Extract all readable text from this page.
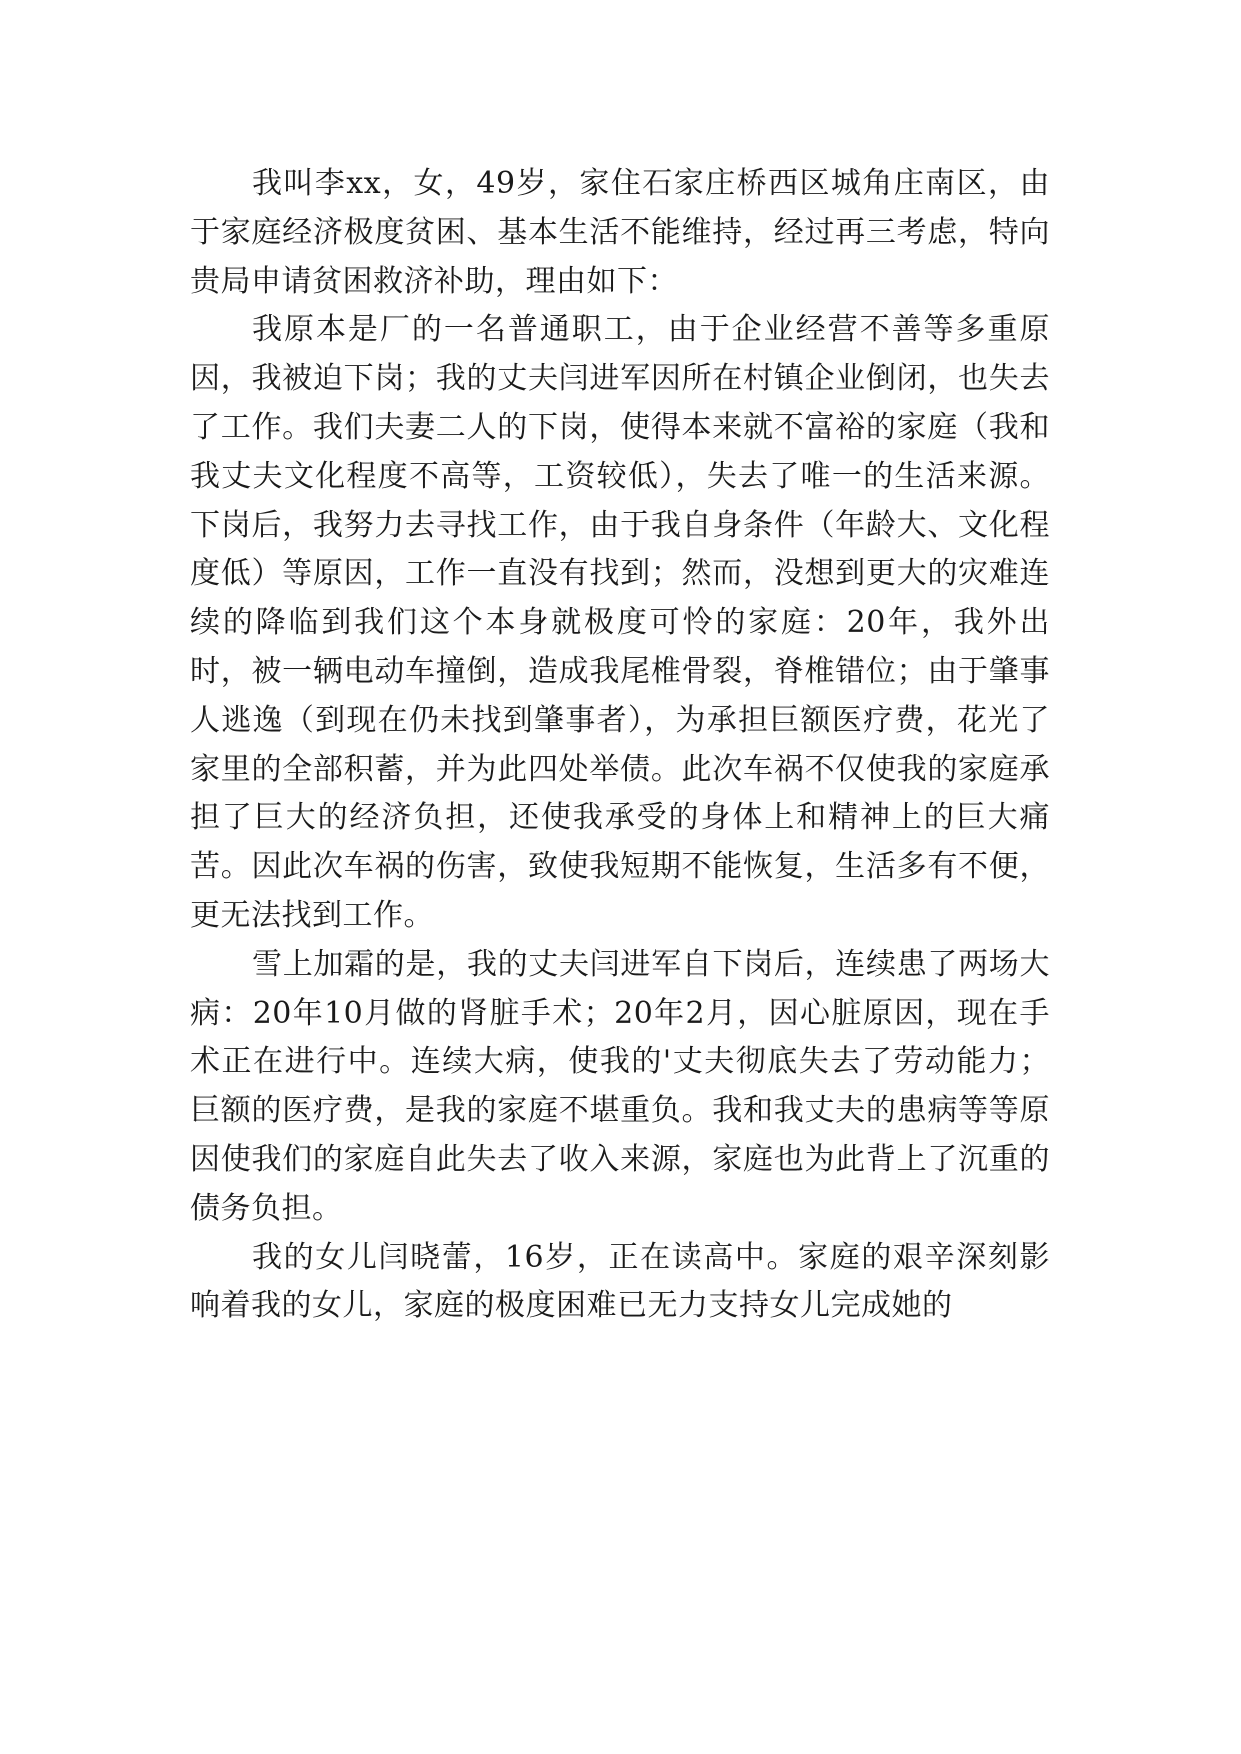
我叫李xx，女，49岁，家住石家庄桥西区城角庄南区，由于家庭经济极度贫困、基本生活不能维持，经过再三考虑，特向贵局申请贫困救济补助，理由如下：

我原本是厂的一名普通职工，由于企业经营不善等多重原因，我被迫下岗；我的丈夫闫进军因所在村镇企业倒闭，也失去了工作。我们夫妻二人的下岗，使得本来就不富裕的家庭（我和我丈夫文化程度不高等，工资较低），失去了唯一的生活来源。下岗后，我努力去寻找工作，由于我自身条件（年龄大、文化程度低）等原因，工作一直没有找到；然而，没想到更大的灾难连续的降临到我们这个本身就极度可怜的家庭：20年，我外出时，被一辆电动车撞倒，造成我尾椎骨裂，脊椎错位；由于肇事人逃逸（到现在仍未找到肇事者），为承担巨额医疗费，花光了家里的全部积蓄，并为此四处举债。此次车祸不仅使我的家庭承担了巨大的经济负担，还使我承受的身体上和精神上的巨大痛苦。因此次车祸的伤害，致使我短期不能恢复，生活多有不便，更无法找到工作。

雪上加霜的是，我的丈夫闫进军自下岗后，连续患了两场大病：20年10月做的肾脏手术；20年2月，因心脏原因，现在手术正在进行中。连续大病，使我的'丈夫彻底失去了劳动能力；巨额的医疗费，是我的家庭不堪重负。我和我丈夫的患病等等原因使我们的家庭自此失去了收入来源，家庭也为此背上了沉重的债务负担。

我的女儿闫晓蕾，16岁，正在读高中。家庭的艰辛深刻影响着我的女儿，家庭的极度困难已无力支持女儿完成她的
